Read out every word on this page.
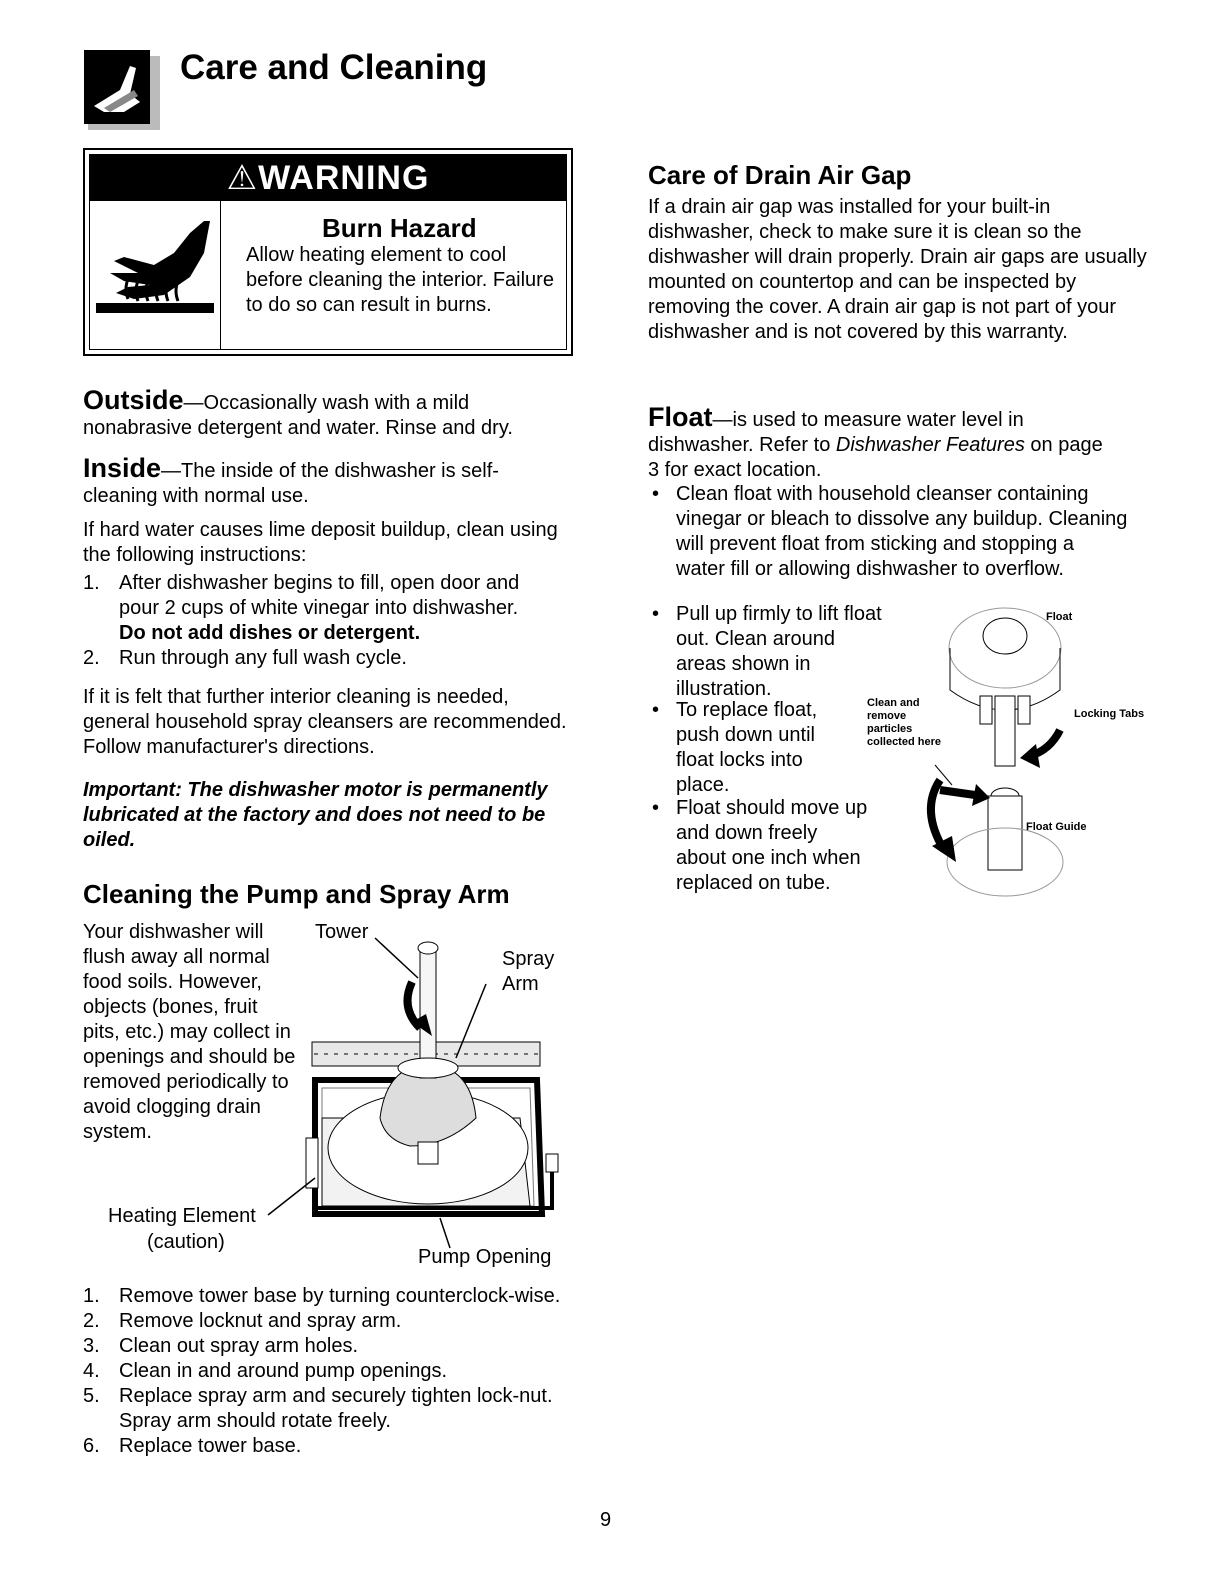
Care and Cleaning
⚠WARNING
Burn Hazard
Allow heating element to cool before cleaning the interior. Failure to do so can result in burns.
Outside—Occasionally wash with a mild nonabrasive detergent and water. Rinse and dry.
Inside—The inside of the dishwasher is self-cleaning with normal use.
If hard water causes lime deposit buildup, clean using the following instructions:
1. After dishwasher begins to fill, open door and pour 2 cups of white vinegar into dishwasher.
Do not add dishes or detergent.
2. Run through any full wash cycle.
If it is felt that further interior cleaning is needed, general household spray cleansers are recommended. Follow manufacturer's directions.
Important: The dishwasher motor is permanently lubricated at the factory and does not need to be oiled.
Cleaning the Pump and Spray Arm
Your dishwasher will flush away all normal food soils. However, objects (bones, fruit pits, etc.) may collect in openings and should be removed periodically to avoid clogging drain system.
Tower
Spray Arm
Heating Element
(caution)
Pump Opening
1. Remove tower base by turning counterclock-wise.
2. Remove locknut and spray arm.
3. Clean out spray arm holes.
4. Clean in and around pump openings.
5. Replace spray arm and securely tighten lock-nut. Spray arm should rotate freely.
6. Replace tower base.
Care of Drain Air Gap
If a drain air gap was installed for your built-in dishwasher, check to make sure it is clean so the dishwasher will drain properly. Drain air gaps are usually mounted on countertop and can be inspected by removing the cover. A drain air gap is not part of your dishwasher and is not covered by this warranty.
Float—is used to measure water level in dishwasher. Refer to Dishwasher Features on page 3 for exact location.
• Clean float with household cleanser containing vinegar or bleach to dissolve any buildup. Cleaning will prevent float from sticking and stopping a water fill or allowing dishwasher to overflow.
• Pull up firmly to lift float out. Clean around areas shown in illustration.
• To replace float, push down until float locks into place.
• Float should move up and down freely about one inch when replaced on tube.
Float
Clean and
remove
particles
collected here
Locking Tabs
Float Guide
9
